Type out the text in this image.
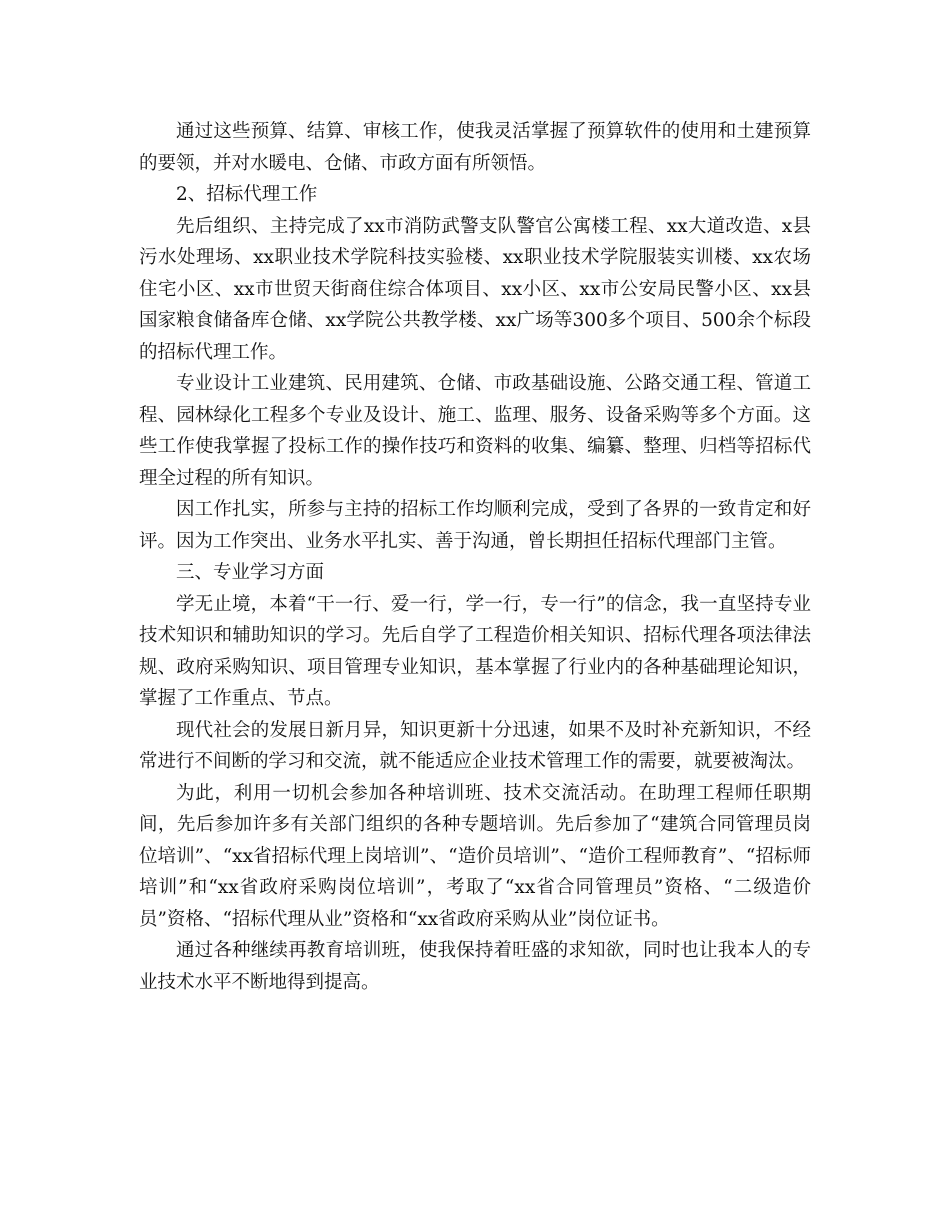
通过这些预算、结算、审核工作，使我灵活掌握了预算软件的使用和土建预算的要领，并对水暖电、仓储、市政方面有所领悟。

2、招标代理工作

先后组织、主持完成了xx市消防武警支队警官公寓楼工程、xx大道改造、x县污水处理场、xx职业技术学院科技实验楼、xx职业技术学院服装实训楼、xx农场住宅小区、xx市世贸天街商住综合体项目、xx小区、xx市公安局民警小区、xx县国家粮食储备库仓储、xx学院公共教学楼、xx广场等300多个项目、500余个标段的招标代理工作。

专业设计工业建筑、民用建筑、仓储、市政基础设施、公路交通工程、管道工程、园林绿化工程多个专业及设计、施工、监理、服务、设备采购等多个方面。这些工作使我掌握了投标工作的操作技巧和资料的收集、编纂、整理、归档等招标代理全过程的所有知识。

因工作扎实，所参与主持的招标工作均顺利完成，受到了各界的一致肯定和好评。因为工作突出、业务水平扎实、善于沟通，曾长期担任招标代理部门主管。

三、专业学习方面

学无止境，本着“干一行、爱一行，学一行，专一行”的信念，我一直坚持专业技术知识和辅助知识的学习。先后自学了工程造价相关知识、招标代理各项法律法规、政府采购知识、项目管理专业知识，基本掌握了行业内的各种基础理论知识，掌握了工作重点、节点。

现代社会的发展日新月异，知识更新十分迅速，如果不及时补充新知识，不经常进行不间断的学习和交流，就不能适应企业技术管理工作的需要，就要被淘汰。

为此，利用一切机会参加各种培训班、技术交流活动。在助理工程师任职期间，先后参加许多有关部门组织的各种专题培训。先后参加了“建筑合同管理员岗位培训”、“xx省招标代理上岗培训”、“造价员培训”、“造价工程师教育”、“招标师培训”和“xx省政府采购岗位培训”，考取了“xx省合同管理员”资格、“二级造价员”资格、“招标代理从业”资格和“xx省政府采购从业”岗位证书。

通过各种继续再教育培训班，使我保持着旺盛的求知欲，同时也让我本人的专业技术水平不断地得到提高。
